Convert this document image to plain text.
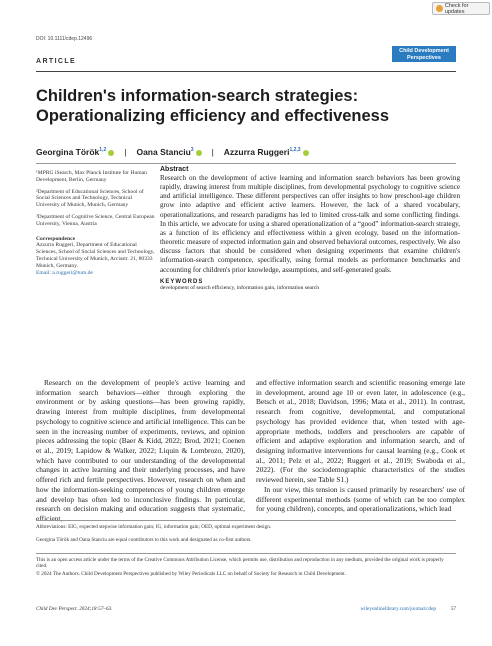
Check for updates
DOI: 10.1111/cdep.12496
Child Development
Perspectives
ARTICLE
Children's information-search strategies: Operationalizing efficiency and effectiveness
Georgina Török$^{1,2}$ | Oana Stanciu$^3$ | Azzurra Ruggeri$^{1,2,3}$

¹MPRG iSearch, Max Planck Institute for Human Development, Berlin, Germany

²Department of Educational Sciences, School of Social Sciences and Technology, Technical University of Munich, Munich, Germany

³Department of Cognitive Science, Central European University, Vienna, Austria

Correspondence

Azzurra Ruggeri, Department of Educational Sciences, School of Social Sciences and Technology, Technical University of Munich, Arcisstr. 21, 80333 Munich, Germany.

Email: a.ruggeri@tum.de

Abstract
Research on the development of active learning and information search behaviors has been growing rapidly, drawing interest from multiple disciplines, from developmental psychology to cognitive science and artificial intelligence. These different perspectives can offer insights to how preschool-age children grow into adaptive and efficient active learners. However, the lack of a shared vocabulary, operationalizations, and research paradigms has led to limited cross-talk and some conflicting findings. In this article, we advocate for using a shared operationalization of a “good” information-search strategy, as a function of its efficiency and effectiveness within a given ecology, based on the information-theoretic measure of expected information gain and observed behavioral outcomes, respectively. We also discuss factors that should be considered when designing experiments that examine children's information-search competence, specifically, using formal models as performance benchmarks and accounting for children's prior knowledge, assumptions, and self-generated goals.
KEYWORDS
development of search efficiency, information gain, information search

Research on the development of people's active learning and information search behaviors—either through exploring the environment or by asking questions—has been growing rapidly, drawing interest from multiple disciplines, from developmental psychology to cognitive science and artificial intelligence. This can be seen in the increasing number of experiments, reviews, and opinion pieces addressing the topic (Baer & Kidd, 2022; Brod, 2021; Coenen et al., 2019; Lapidow & Walker, 2022; Liquin & Lombrozo, 2020), which have contributed to our understanding of the developmental changes in active learning and their underlying processes, and have offered rich and fertile perspectives. However, research on when and how the information-seeking competences of young children emerge and develop has often led to inconclusive findings. In particular, research on decision making and education suggests that systematic, efficient,

and effective information search and scientific reasoning emerge late in development, around age 10 or even later, in adolescence (e.g., Betsch et al., 2018; Davidson, 1996; Mata et al., 2011). In contrast, research from cognitive, developmental, and computational psychology has provided evidence that, when tested with age-appropriate methods, toddlers and preschoolers are capable of efficient and adaptive exploration and information search, and of designing informative interventions for causal learning (e.g., Cook et al., 2011; Pelz et al., 2022; Ruggeri et al., 2019; Swaboda et al., 2022). (For the sociodemographic characteristics of the studies reviewed herein, see Table S1.)

In our view, this tension is caused primarily by researchers' use of different experimental methods (some of which can be too complex for young children), concepts, and operationalizations, which lead

Abbreviations: EIG, expected stepwise information gain; IG, information gain; OED, optimal experiment design.
Georgina Török and Oana Stanciu are equal contributors to this work and designated as co-first authors.
This is an open access article under the terms of the Creative Commons Attribution License, which permits use, distribution and reproduction in any medium, provided the original work is properly cited.
© 2024 The Authors. Child Development Perspectives published by Wiley Periodicals LLC on behalf of Society for Research in Child Development.
Child Dev Perspect. 2024;18:57–63.	wileyonlinelibrary.com/journal/cdep	57
